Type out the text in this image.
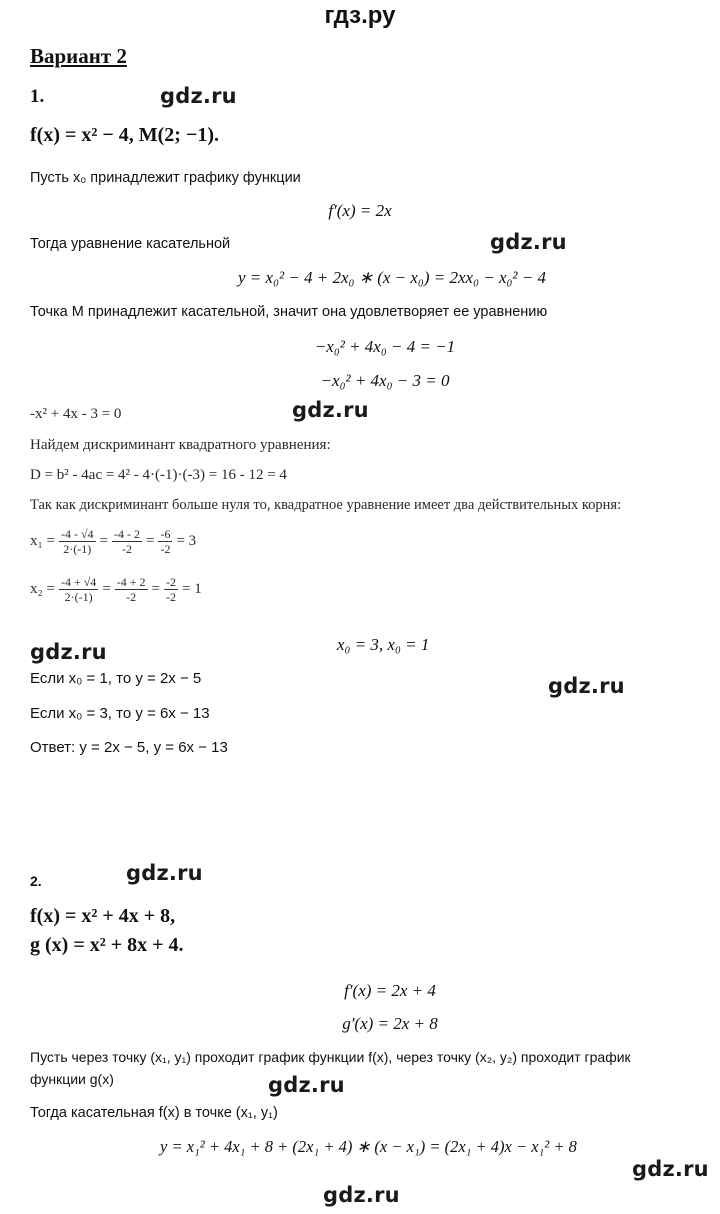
гдз.ру
Вариант 2
1.	gdz.ru
f(x) = x² − 4, M(2; −1).
Пусть x₀ принадлежит графику функции
f′(x) = 2x
Тогда уравнение касательной	gdz.ru
y = x₀² − 4 + 2x₀ ∗ (x − x₀) = 2xx₀ − x₀² − 4
Точка М принадлежит касательной, значит она удовлетворяет ее уравнению
−x₀² + 4x₀ − 4 = −1
−x₀² + 4x₀ − 3 = 0
-x² + 4x - 3 = 0	gdz.ru
Найдем дискриминант квадратного уравнения:
D = b² - 4ac = 4² - 4·(-1)·(-3) = 16 - 12 = 4
Так как дискриминант больше нуля то, квадратное уравнение имеет два действительных корня:
$x_1 = \frac{-4 - √4}{2\cdot(-1)} = \frac{-4 - 2}{-2} = \frac{-6}{-2} = 3$
$x_2 = \frac{-4 + √4}{2\cdot(-1)} = \frac{-4 + 2}{-2} = \frac{-2}{-2} = 1$
gdz.ru	x₀ = 3, x₀ = 1
Если x₀ = 1, то y = 2x − 5	gdz.ru
Если x₀ = 3, то y = 6x − 13
Ответ: y = 2x − 5, y = 6x − 13
2.	gdz.ru
f(x) = x² + 4x + 8,
g (x) = x² + 8x + 4.
f′(x) = 2x + 4
g′(x) = 2x + 8
Пусть через точку (x₁, y₁) проходит график функции f(x), через точку (x₂, y₂) проходит график
функции g(x)	gdz.ru
Тогда касательная f(x) в точке (x₁, y₁)
y = x₁² + 4x₁ + 8 + (2x₁ + 4) ∗ (x − x₁) = (2x₁ + 4)x − x₁² + 8
gdz.ru
gdz.ru
